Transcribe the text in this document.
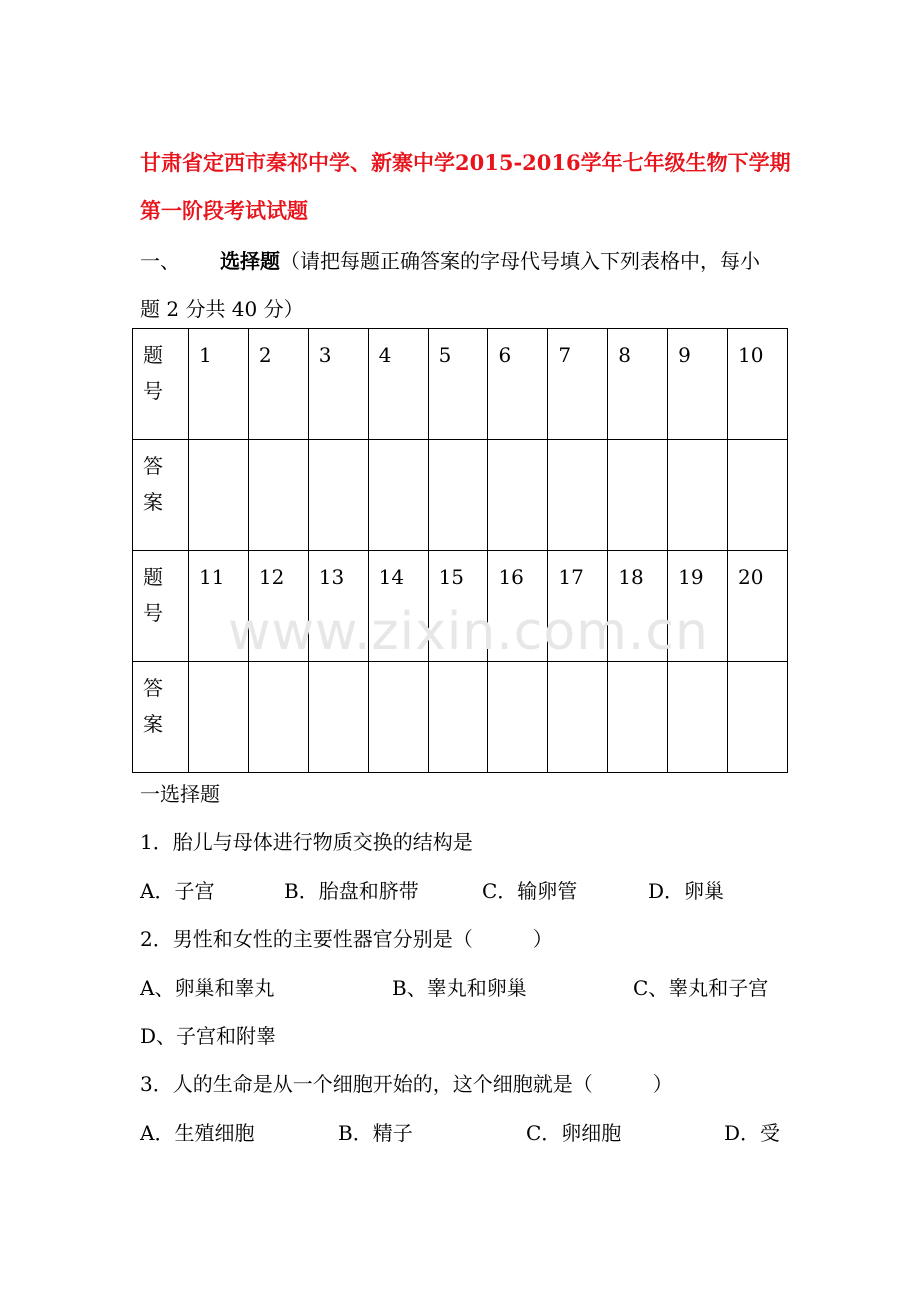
甘肃省定西市秦祁中学、新寨中学2015-2016学年七年级生物下学期
第一阶段考试试题
一、 选择题（请把每题正确答案的字母代号填入下列表格中，每小
题 2 分共 40 分）
题
号	1	2	3	4	5	6	7	8	9	10

答
案										

题
号	11	12	13	14	15	16	17	18	19	20

答
案										

www.zixin.com.cn
一选择题
1．胎儿与母体进行物质交换的结构是
A．子宫	B．胎盘和脐带	C．输卵管	D．卵巢
2．男性和女性的主要性器官分别是（　　　）
A、卵巢和睾丸	B、睾丸和卵巢	C、睾丸和子宫
D、子宫和附睾
3．人的生命是从一个细胞开始的，这个细胞就是（　　　）
A．生殖细胞	B．精子	C．卵细胞	D．受
